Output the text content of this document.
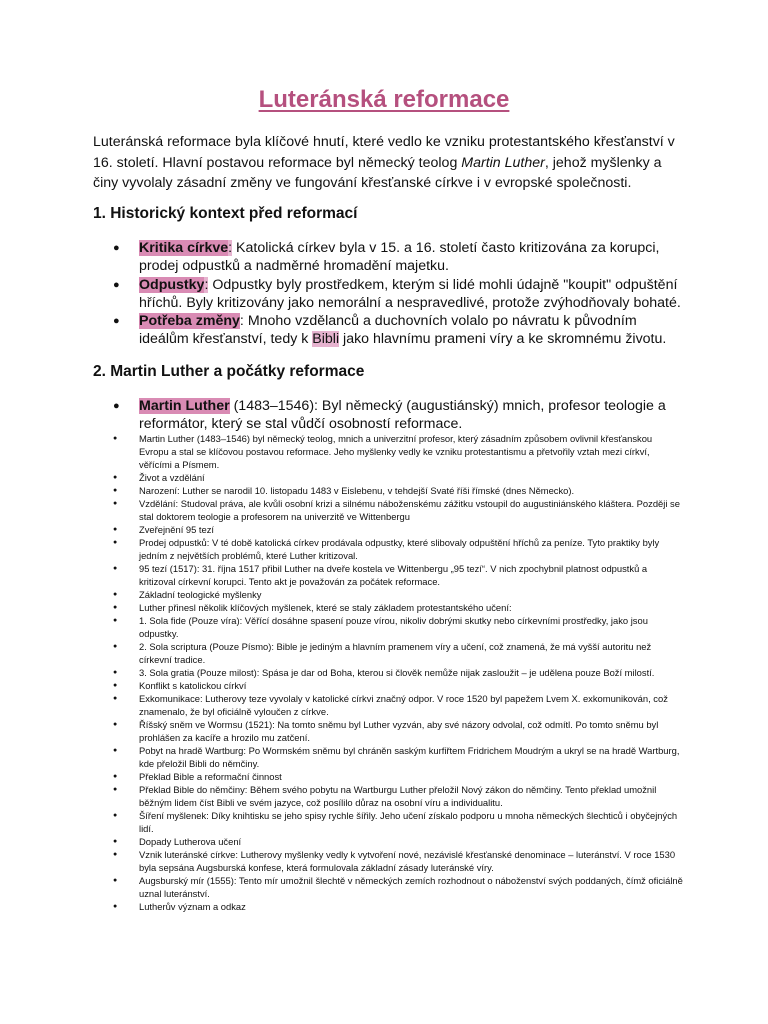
Luteránská reformace

Luteránská reformace byla klíčové hnutí, které vedlo ke vzniku protestantského křesťanství v 16. století. Hlavní postavou reformace byl německý teolog Martin Luther, jehož myšlenky a činy vyvolaly zásadní změny ve fungování křesťanské církve i v evropské společnosti.

1. Historický kontext před reformací
● Kritika církve: Katolická církev byla v 15. a 16. století často kritizována za korupci, prodej odpustků a nadměrné hromadění majetku.
● Odpustky: Odpustky byly prostředkem, kterým si lidé mohli údajně "koupit" odpuštění hříchů. Byly kritizovány jako nemorální a nespravedlivé, protože zvýhodňovaly bohaté.
● Potřeba změny: Mnoho vzdělanců a duchovních volalo po návratu k původním ideálům křesťanství, tedy k Bibli jako hlavnímu prameni víry a ke skromnému životu.
2. Martin Luther a počátky reformace
● Martin Luther (1483–1546): Byl německý (augustiánský) mnich, profesor teologie a reformátor, který se stal vůdčí osobností reformace.
● Martin Luther (1483–1546) byl německý teolog, mnich a univerzitní profesor, který zásadním způsobem ovlivnil křesťanskou Evropu a stal se klíčovou postavou reformace. Jeho myšlenky vedly ke vzniku protestantismu a přetvořily vztah mezi církví, věřícími a Písmem.
● Život a vzdělání
● Narození: Luther se narodil 10. listopadu 1483 v Eislebenu, v tehdejší Svaté říši římské (dnes Německo).
● Vzdělání: Studoval práva, ale kvůli osobní krizi a silnému náboženskému zážitku vstoupil do augustiniánského kláštera. Později se stal doktorem teologie a profesorem na univerzitě ve Wittenbergu
● Zveřejnění 95 tezí
● Prodej odpustků: V té době katolická církev prodávala odpustky, které slibovaly odpuštění hříchů za peníze. Tyto praktiky byly jedním z největších problémů, které Luther kritizoval.
● 95 tezí (1517): 31. října 1517 přibil Luther na dveře kostela ve Wittenbergu „95 tezí“. V nich zpochybnil platnost odpustků a kritizoval církevní korupci. Tento akt je považován za počátek reformace.
● Základní teologické myšlenky
● Luther přinesl několik klíčových myšlenek, které se staly základem protestantského učení:
● 1. Sola fide (Pouze víra): Věřící dosáhne spasení pouze vírou, nikoliv dobrými skutky nebo církevními prostředky, jako jsou odpustky.
● 2. Sola scriptura (Pouze Písmo): Bible je jediným a hlavním pramenem víry a učení, což znamená, že má vyšší autoritu než církevní tradice.
● 3. Sola gratia (Pouze milost): Spása je dar od Boha, kterou si člověk nemůže nijak zasloužit – je udělena pouze Boží milostí.
● Konflikt s katolickou církví
● Exkomunikace: Lutherovy teze vyvolaly v katolické církvi značný odpor. V roce 1520 byl papežem Lvem X. exkomunikován, což znamenalo, že byl oficiálně vyloučen z církve.
● Říšský sněm ve Wormsu (1521): Na tomto sněmu byl Luther vyzván, aby své názory odvolal, což odmítl. Po tomto sněmu byl prohlášen za kacíře a hrozilo mu zatčení.
● Pobyt na hradě Wartburg: Po Wormském sněmu byl chráněn saským kurfiřtem Fridrichem Moudrým a ukryl se na hradě Wartburg, kde přeložil Bibli do němčiny.
● Překlad Bible a reformační činnost
● Překlad Bible do němčiny: Během svého pobytu na Wartburgu Luther přeložil Nový zákon do němčiny. Tento překlad umožnil běžným lidem číst Bibli ve svém jazyce, což posílilo důraz na osobní víru a individualitu.
● Šíření myšlenek: Díky knihtisku se jeho spisy rychle šířily. Jeho učení získalo podporu u mnoha německých šlechticů i obyčejných lidí.
● Dopady Lutherova učení
● Vznik luteránské církve: Lutherovy myšlenky vedly k vytvoření nové, nezávislé křesťanské denominace – luteránství. V roce 1530 byla sepsána Augsburská konfese, která formulovala základní zásady luteránské víry.
● Augsburský mír (1555): Tento mír umožnil šlechtě v německých zemích rozhodnout o náboženství svých poddaných, čímž oficiálně uznal luteránství.
● Lutherův význam a odkaz
